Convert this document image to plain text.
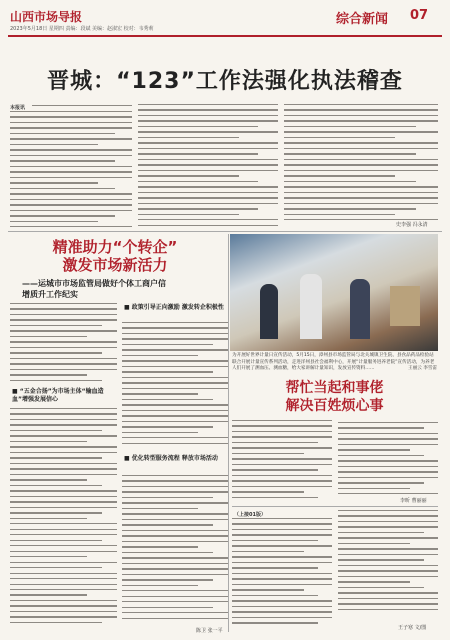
山西市场导报
2023年5月18日 星期四 责编：段斌 美编：赵淑宏 校对：韦秀莉
综合新闻 07
晋城：“123”工作法强化执法稽查
本报讯
史李强 冯永清
精准助力“个转企”
激发市场新活力
——运城市市场监管局做好个体工商户信
增质升工作纪实
■ “五金合扬”为市场主体“输血造血”增强发展信心
■ 政策引导正向激励 激发转企积极性
■ 优化转型服务流程 释放市场活动
陈卫 张一平
为开展好世界计量日宣传活动，5月15日，漳州县市场监管局与北关城镇卫生院、县食品药品检验站联合开展计量宣传系列活动，走进洋州县社会福利中心，开展“计量服务进养老院”宣传活动，为养老人们开展了测血压、测血糖，给大家讲解计量知识，发放宣传资料……	王丽云 李雪雷
帮忙当起和事佬
解决百姓烦心事
李昕 曹丽丽
（上接01版）
王子寒 文/图
